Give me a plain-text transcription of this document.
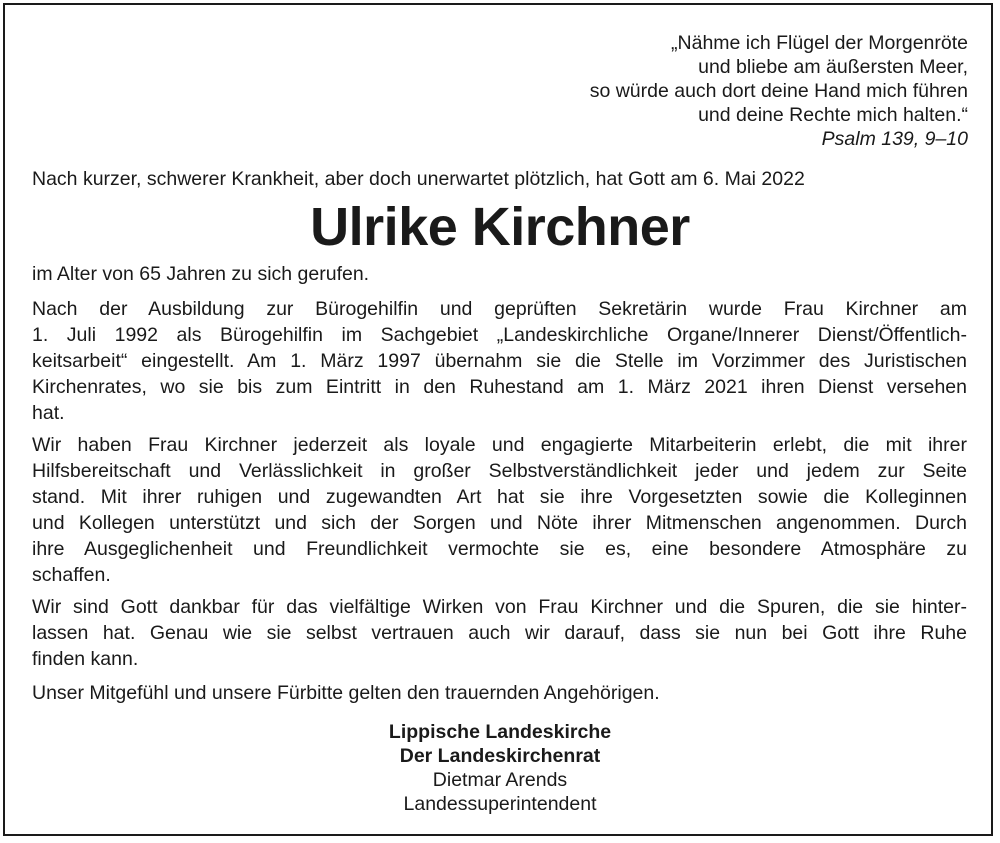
„Nähme ich Flügel der Morgenröte
und bliebe am äußersten Meer,
so würde auch dort deine Hand mich führen
und deine Rechte mich halten.“
Psalm 139, 9–10
Nach kurzer, schwerer Krankheit, aber doch unerwartet plötzlich, hat Gott am 6. Mai 2022
Ulrike Kirchner
im Alter von 65 Jahren zu sich gerufen.
Nach der Ausbildung zur Bürogehilfin und geprüften Sekretärin wurde Frau Kirchner am
1. Juli 1992 als Bürogehilfin im Sachgebiet „Landeskirchliche Organe/Innerer Dienst/Öffentlich-
keitsarbeit“ eingestellt. Am 1. März 1997 übernahm sie die Stelle im Vorzimmer des Juristischen
Kirchenrates, wo sie bis zum Eintritt in den Ruhestand am 1. März 2021 ihren Dienst versehen
hat.
Wir haben Frau Kirchner jederzeit als loyale und engagierte Mitarbeiterin erlebt, die mit ihrer
Hilfsbereitschaft und Verlässlichkeit in großer Selbstverständlichkeit jeder und jedem zur Seite
stand. Mit ihrer ruhigen und zugewandten Art hat sie ihre Vorgesetzten sowie die Kolleginnen
und Kollegen unterstützt und sich der Sorgen und Nöte ihrer Mitmenschen angenommen. Durch
ihre Ausgeglichenheit und Freundlichkeit vermochte sie es, eine besondere Atmosphäre zu
schaffen.
Wir sind Gott dankbar für das vielfältige Wirken von Frau Kirchner und die Spuren, die sie hinter-
lassen hat. Genau wie sie selbst vertrauen auch wir darauf, dass sie nun bei Gott ihre Ruhe
finden kann.
Unser Mitgefühl und unsere Fürbitte gelten den trauernden Angehörigen.
Lippische Landeskirche
Der Landeskirchenrat
Dietmar Arends
Landessuperintendent
